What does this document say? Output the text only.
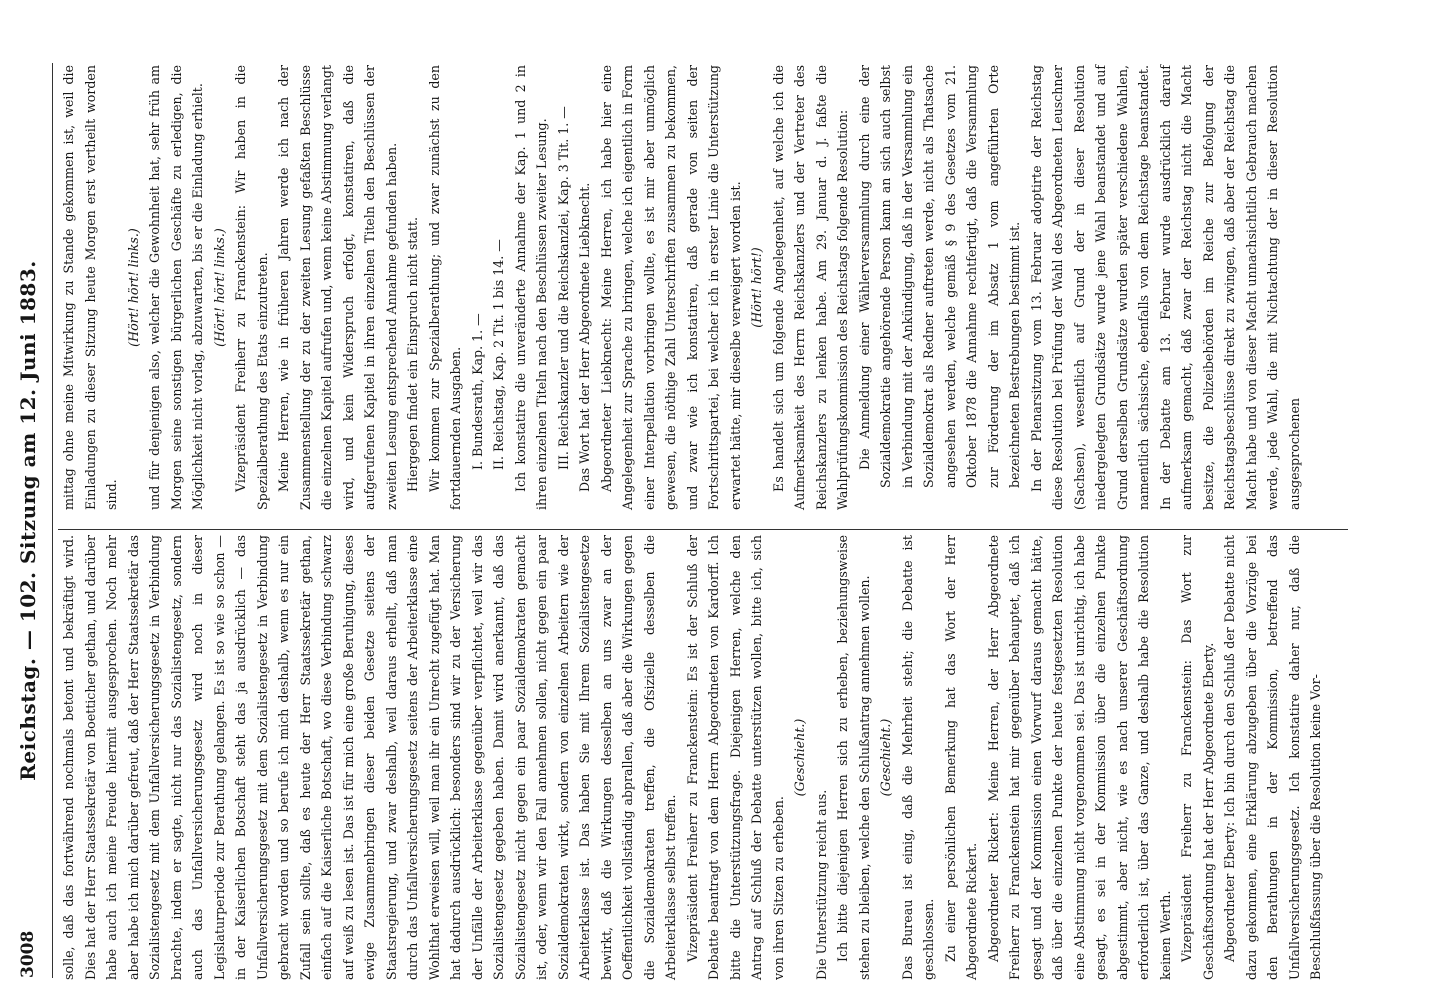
3008
Reichstag. — 102. Sitzung am 12. Juni 1883. solle, daß das fortwährend nochmals betont und bekräftigt wird. Dies hat der Herr Staatssekretär von Boetticher gethan, und darüber habe auch ich meine Freude hiermit ausgesprochen. Noch mehr aber habe ich mich darüber gefreut, daß der Herr Staatssekretär das Sozialistengesetz mit dem Unfallversicherungsgesetz in Verbindung brachte, indem er sagte, nicht nur das Sozialistengesetz, sondern auch das Unfallversicherungsgesetz wird noch in dieser Legislaturperiode zur Berathung gelangen. Es ist so wie so schon — in der Kaiserlichen Botschaft steht das ja ausdrücklich — das Unfallversicherungsgesetz mit dem Sozialistengesetz in Verbindung gebracht worden und so berufe ich mich deshalb, wenn es nur ein Zufall sein sollte, daß es heute der Herr Staatssekretär gethan, einfach auf die Kaiserliche Botschaft, wo diese Verbindung schwarz auf weiß zu lesen ist. Das ist für mich eine große Beruhigung, dieses ewige Zusammenbringen dieser beiden Gesetze seitens der Staatsregierung, und zwar deshalb, weil daraus erhellt, daß man durch das Unfallversicherungsgesetz seitens der Arbeiterklasse eine Wohlthat erweisen will, weil man ihr ein Unrecht zugefügt hat. Man hat dadurch ausdrücklich: besonders sind wir zu der Versicherung der Unfälle der Arbeiterklasse gegenüber verpflichtet, weil wir das Sozialistengesetz gegeben haben. Damit wird anerkannt, daß das Sozialistengesetz nicht gegen ein paar Sozialdemokraten gemacht ist, oder, wenn wir den Fall annehmen sollen, nicht gegen ein paar Sozialdemokraten wirkt, sondern von einzelnen Arbeitern wie der Arbeiterklasse ist. Das haben Sie mit Ihrem Sozialistengesetze bewirkt, daß die Wirkungen desselben an uns zwar an der Oeffentlichkeit vollständig abprallen, daß aber die Wirkungen gegen die Sozialdemokraten treffen, die Ofsizielle desselben die Arbeiterklasse selbst treffen. Vizepräsident Freiherr zu Franckenstein: Es ist der Schluß der Debatte beantragt von dem Herrn Abgeordneten von Kardorff. Ich bitte die Unterstützungsfrage. Diejenigen Herren, welche den Antrag auf Schluß der Debatte unterstützen wollen, bitte ich, sich von ihren Sitzen zu erheben.

(Geschieht.)

Die Unterstützung reicht aus. Ich bitte diejenigen Herren sich zu erheben, beziehungsweise stehen zu bleiben, welche den Schlußantrag annehmen wollen. (Geschieht.) Das Bureau ist einig, daß die Mehrheit steht; die Debatte ist geschlossen. Zu einer persönlichen Bemerkung hat das Wort der Herr Abgeordnete Rickert. Abgeordneter Rickert: Meine Herren, der Herr Abgeordnete Freiherr zu Franckenstein hat mir gegenüber behauptet, daß ich gesagt und der Kommission einen Vorwurf daraus gemacht hätte, daß über die einzelnen Punkte der heute festgesetzten Resolution eine Abstimmung nicht vorgenommen sei. Das ist unrichtig, ich habe gesagt, es sei in der Kommission über die einzelnen Punkte abgestimmt, aber nicht, wie es nach unserer Geschäftsordnung erforderlich ist, über das Ganze, und deshalb habe die Resolution keinen Werth. Vizepräsident Freiherr zu Franckenstein: Das Wort zur Geschäftsordnung hat der Herr Abgeordnete Eberty. Abgeordneter Eberty: Ich bin durch den Schluß der Debatte nicht dazu gekommen, eine Erklärung abzugeben über die Vorzüge bei den Berathungen in der Kommission, betreffend das Unfallversicherungsgesetz. Ich konstatire daher nur, daß die Beschlußfassung über die Resolution keine Vor-

mittag ohne meine Mitwirkung zu Stande gekommen ist, weil die Einladungen zu dieser Sitzung heute Morgen erst vertheilt worden sind.

(Hört! hört! links.) und für denjenigen also, welcher die Gewohnheit hat, sehr früh am Morgen seine sonstigen bürgerlichen Geschäfte zu erledigen, die Möglichkeit nicht vorlag, abzuwarten, bis er die Einladung erhielt. (Hört! hört! links.) Vizepräsident Freiherr zu Franckenstein: Wir haben in die Spezialberathung des Etats einzutreten. Meine Herren, wie in früheren Jahren werde ich nach der Zusammenstellung der zu der zweiten Lesung gefaßten Beschlüsse die einzelnen Kapitel aufrufen und, wenn keine Abstimmung verlangt wird, und kein Widerspruch erfolgt, konstatiren, daß die aufgerufenen Kapitel in ihren einzelnen Titeln den Beschlüssen der zweiten Lesung entsprechend Annahme gefunden haben. Hiergegen findet ein Einspruch nicht statt. Wir kommen zur Spezialberathung; und zwar zunächst zu den fortdauernden Ausgaben. I. Bundesrath, Kap. 1. — II. Reichstag, Kap. 2 Tit. 1 bis 14. — Ich konstatire die unveränderte Annahme der Kap. 1 und 2 in ihren einzelnen Titeln nach den Beschlüssen zweiter Lesung. III. Reichskanzler und die Reichskanzlei, Kap. 3 Tit. 1. — Das Wort hat der Herr Abgeordnete Liebknecht. Abgeordneter Liebknecht: Meine Herren, ich habe hier eine Angelegenheit zur Sprache zu bringen, welche ich eigentlich in Form einer Interpellation vorbringen wollte, es ist mir aber unmöglich gewesen, die nöthige Zahl Unterschriften zusammen zu bekommen, und zwar wie ich konstatiren, daß gerade von seiten der Fortschrittspartei, bei welcher ich in erster Linie die Unterstützung erwartet hätte, mir dieselbe verweigert worden ist. (Hört! hört!) Es handelt sich um folgende Angelegenheit, auf welche ich die Aufmerksamkeit des Herrn Reichskanzlers und der Vertreter des Reichskanzlers zu lenken habe. Am 29. Januar d. J. faßte die Wahlprüfungskommission des Reichstags folgende Resolution: Die Anmeldung einer Wählerversammlung durch eine der Sozialdemokratie angehörende Person kann an sich auch selbst in Verbindung mit der Ankündigung, daß in der Versammlung ein Sozialdemokrat als Redner auftreten werde, nicht als Thatsache angesehen werden, welche gemäß § 9 des Gesetzes vom 21. Oktober 1878 die Annahme rechtfertigt, daß die Versammlung zur Förderung der im Absatz 1 vom angeführten Orte bezeichneten Bestrebungen bestimmt ist. In der Plenarsitzung vom 13. Februar adoptirte der Reichstag diese Resolution bei Prüfung der Wahl des Abgeordneten Leuschner (Sachsen), wesentlich auf Grund der in dieser Resolution niedergelegten Grundsätze wurde jene Wahl beanstandet und auf Grund derselben Grundsätze wurden später verschiedene Wahlen, namentlich sächsische, ebenfalls von dem Reichstage beanstandet. In der Debatte am 13. Februar wurde ausdrücklich darauf aufmerksam gemacht, daß zwar der Reichstag nicht die Macht besitze, die Polizeibehörden im Reiche zur Befolgung der Reichstagsbeschlüsse direkt zu zwingen, daß aber der Reichstag die Macht habe und von dieser Macht unnachsichtlich Gebrauch machen werde, jede Wahl, die mit Nichtachtung der in dieser Resolution ausgesprochenen
